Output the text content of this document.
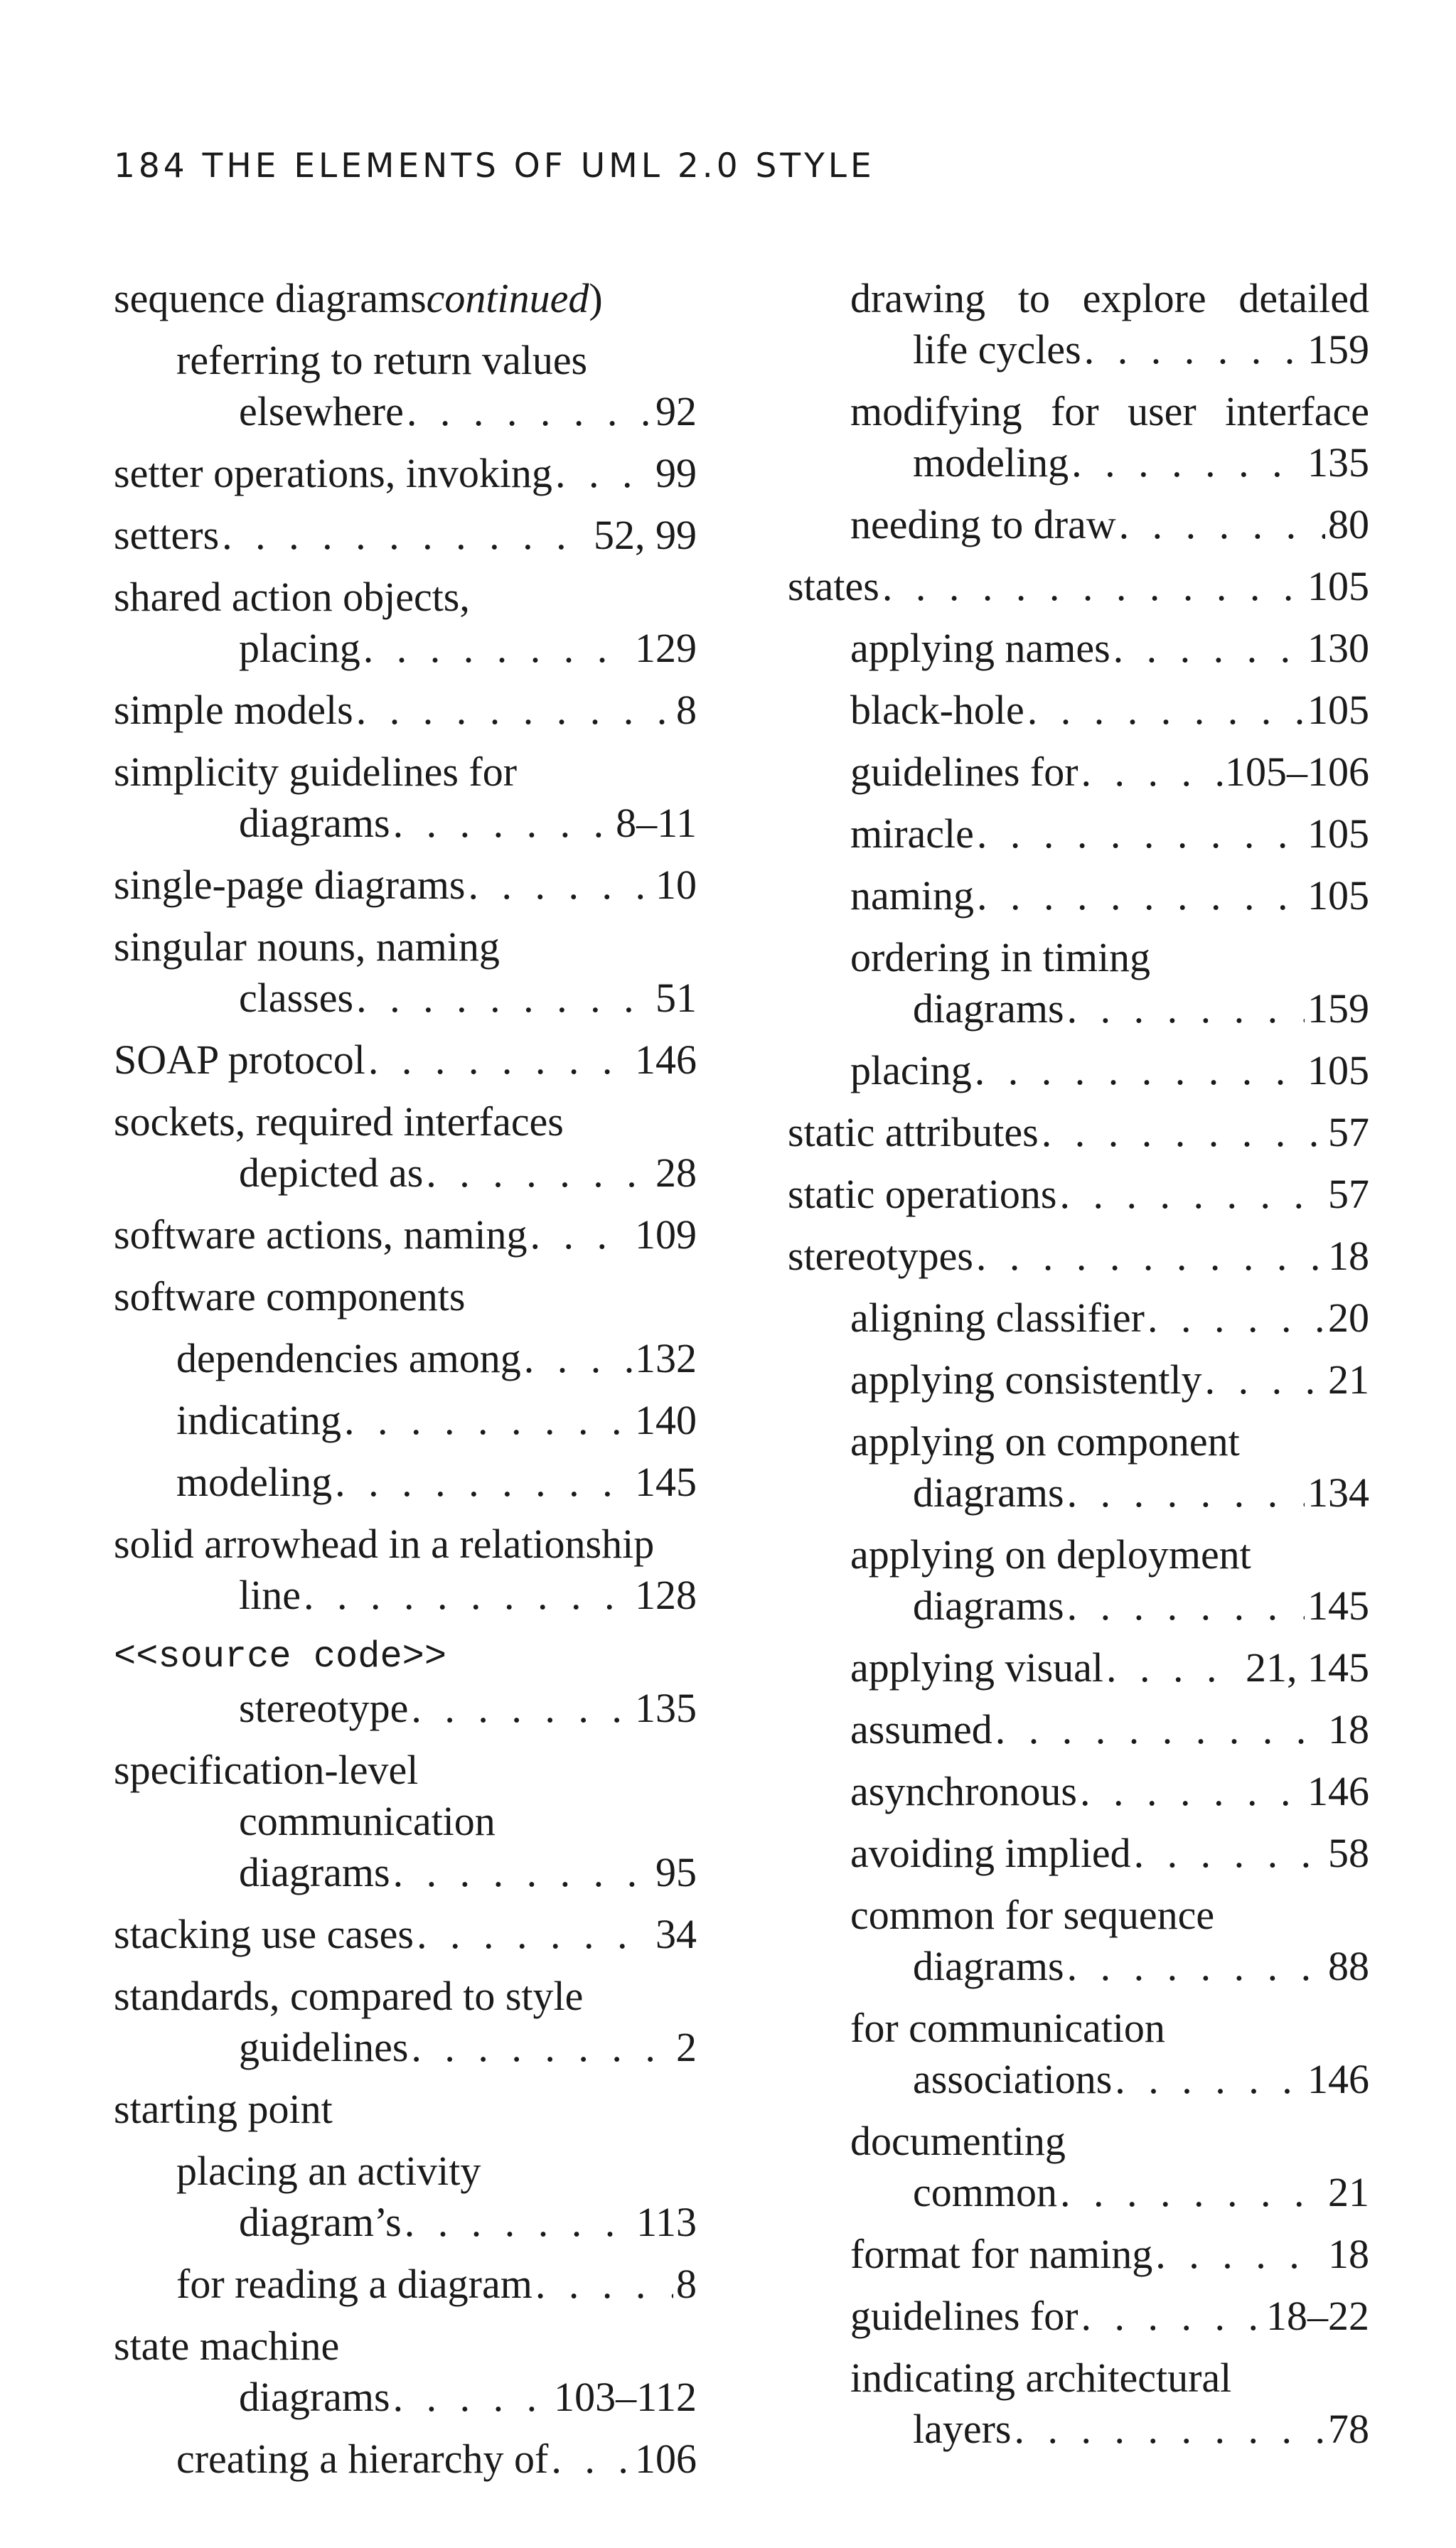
184 THE ELEMENTS OF UML 2.0 STYLE
sequence diagrams continued )
referring to return values
elsewhere . . .	92
setter operations, invoking . . .	99
setters . . .	52, 99
shared action objects,
placing . . .	129
simple models . . .	8
simplicity guidelines for
diagrams . . .	8–11
single-page diagrams . . .	10
singular nouns, naming
classes . . .	51
SOAP protocol . . .	146
sockets, required interfaces
depicted as . . .	28
software actions, naming . . .	109
software components
dependencies among . . .	132
indicating . . .	140
modeling . . .	145
solid arrowhead in a relationship
line . . .	128
<<source code>>
stereotype . . .	135
specification-level
communication
diagrams . . .	95
stacking use cases . . .	34
standards, compared to style
guidelines . . .	2
starting point
placing an activity
diagram’s . . .	113
for reading a diagram . . .	8
state machine
diagrams . . .	103–112
creating a hierarchy of . . . 106
drawing to explore detailed
life cycles . . .	159
modifying for user interface
modeling . . .	135
needing to draw . . .	80
states . . .	105
applying names . . .	130
black-hole . . .	105
guidelines for . . .	105–106
miracle . . .	105
naming . . .	105
ordering in timing
diagrams . . .	159
placing . . .	105
static attributes . . .	57
static operations . . .	57
stereotypes . . .	18
aligning classifier . . .	20
applying consistently . . .	21
applying on component
diagrams . . .	134
applying on deployment
diagrams . . .	145
applying visual . . .	21, 145
assumed . . .	18
asynchronous . . .	146
avoiding implied . . .	58
common for sequence
diagrams . . .	88
for communication
associations . . .	146
documenting
common . . .	21
format for naming . . .	18
guidelines for . . .	18–22
indicating architectural
layers . . .	78
